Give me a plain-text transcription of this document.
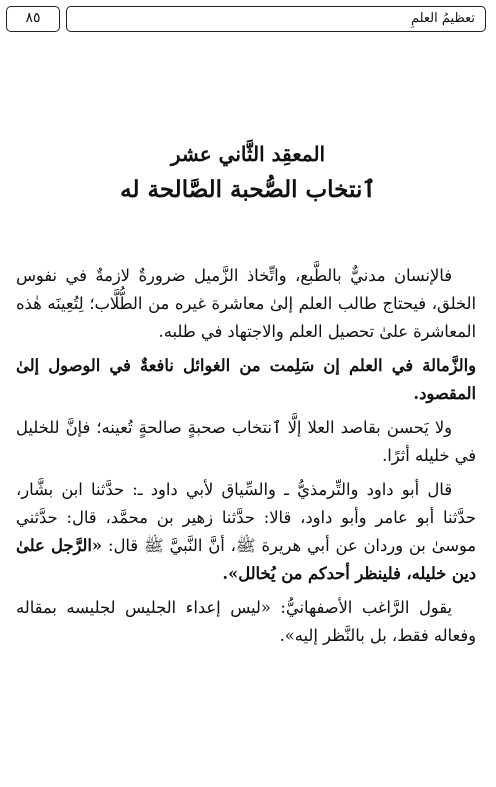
تعظيمُ العلمِ
٨٥
المعقِد الثَّاني عشر
ٱنتخاب الصُّحبة الصَّالحة له

فالإنسان مدنيٌّ بالطَّبع، واتِّخاذ الزَّميل ضرورةٌ لازمةٌ في نفوس الخلق، فيحتاج طالب العلم إلىٰ معاشرة غيره من الطُّلَّاب؛ لِتُعِينَه هٰذه المعاشرة علىٰ تحصيل العلم والاجتهاد في طلبه.

والزَّمالة في العلم إن سَلِمت من الغوائل نافعةٌ في الوصول إلىٰ المقصود.

ولا يَحسن بقاصد العلا إلَّا ٱنتخاب صحبةٍ صالحةٍ تُعينه؛ فإنَّ للخليل في خليله أثرًا.

قال أبو داود والتِّرمذيُّ ـ والسِّياق لأبي داود ـ: حدَّثنا ابن بشَّار، حدَّثنا أبو عامر وأبو داود، قالا: حدَّثنا زهير بن محمَّد، قال: حدَّثني موسىٰ بن وردان عن أبي هريرة ﷺ، أنَّ النَّبيَّ ﷺ قال: «الرَّجل علىٰ دين خليله، فلينظر أحدكم من يُخالل».

يقول الرَّاغب الأصفهانيُّ: «ليس إعداء الجليس لجليسه بمقاله وفعاله فقط، بل بالنَّظر إليه».
